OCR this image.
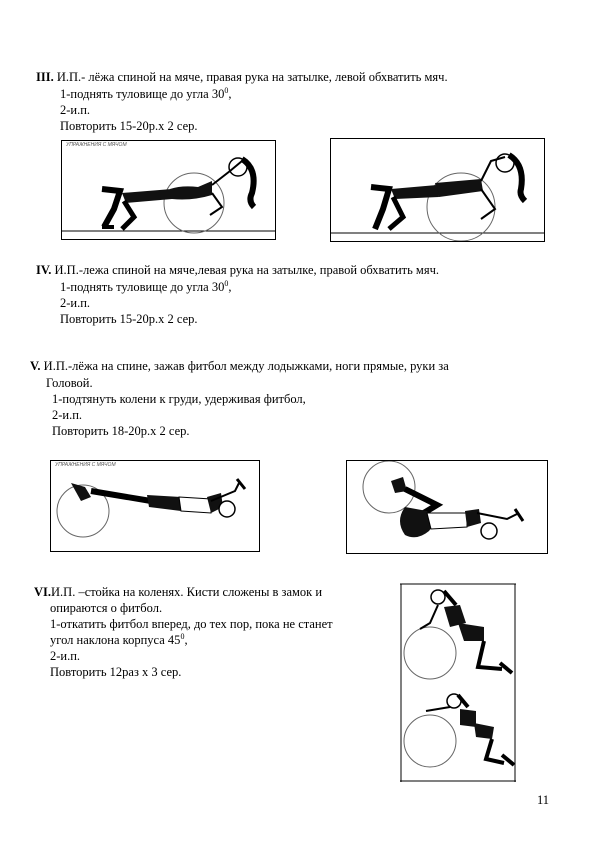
III. И.П.- лёжа спиной на мяче, правая рука на затылке, левой обхватить мяч.
1-поднять туловище до угла $30^0$,
2-и.п.
Повторить 15-20р.х 2 сер.
УПРАЖНЕНИЯ С МЯЧОМ
IV. И.П.-лежа спиной на мяче,левая рука на затылке, правой обхватить мяч.
1-поднять туловище до угла $30^0$,
2-и.п.
Повторить 15-20р.х 2 сер.
V. И.П.-лёжа на спине, зажав фитбол между лодыжками, ноги прямые, руки за
Головой.
1-подтянуть колени к груди, удерживая фитбол,
2-и.п.
Повторить 18-20р.х 2 сер.
УПРАЖНЕНИЯ С МЯЧОМ
VI.И.П. –стойка на коленях. Кисти сложены в замок и
опираются о фитбол.
1-откатить фитбол вперед, до тех пор, пока не станет
угол наклона корпуса $45^0$,
2-и.п.
Повторить 12раз х 3 сер.
11
